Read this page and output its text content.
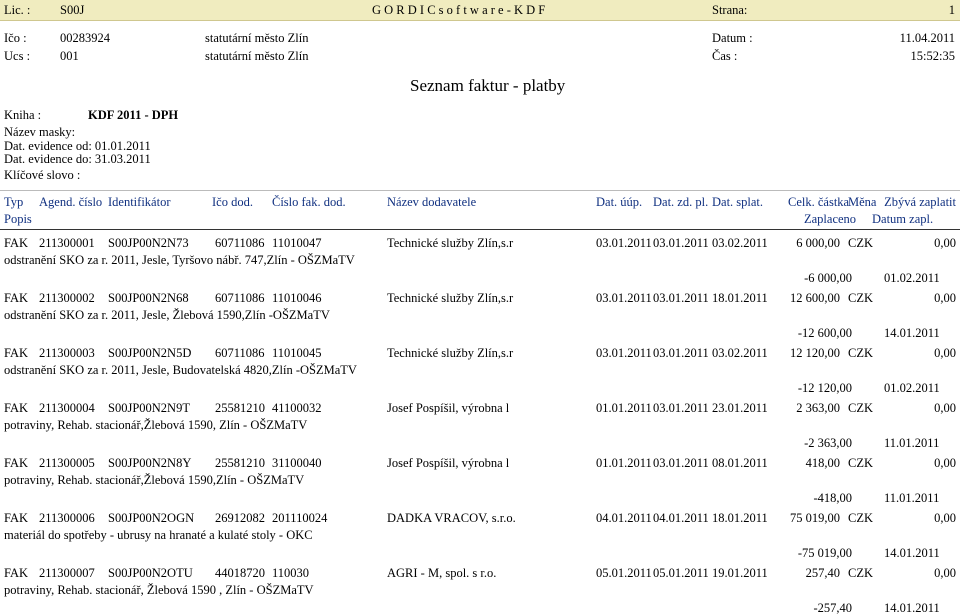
Lic. : S00J	G O R D I C s o f t w a r e - K D F	Strana:	1
Ičo :	00283924	statutární město Zlín	Datum :	11.04.2011
Ucs : 001	statutární město Zlín	Čas :	15:52:35
Seznam faktur - platby
Kniha :	KDF 2011 - DPH
Název masky:
Dat. evidence od: 01.01.2011
Dat. evidence do: 31.03.2011
Klíčové slovo :
Typ Agend. číslo Identifikátor	Ičo dod. Číslo fak. dod.	Název dodavatele	Dat. úúp. Dat. zd. pl. Dat. splat. Celk. částka
Měna Zbývá zaplatit
Popis	Zaplaceno Datum zapl.
FAK 211300001 S00JP00N2N73 60711086 11010047	Technické služby Zlín,s.r	03.01.2011 03.01.2011 03.02.2011	6 000,00 CZK	0,00
odstranění SKO za r. 2011, Jesle, Tyršovo nábř. 747,Zlín - OŠZMaTV
-6 000,00	01.02.2011
FAK 211300002 S00JP00N2N68 60711086 11010046	Technické služby Zlín,s.r	03.01.2011 03.01.2011 18.01.2011	12 600,00 CZK	0,00
odstranění SKO za r. 2011, Jesle, Žlebová 1590,Zlín -OŠZMaTV
-12 600,00	14.01.2011
FAK 211300003 S00JP00N2N5D 60711086 11010045	Technické služby Zlín,s.r	03.01.2011 03.01.2011 03.02.2011	12 120,00 CZK	0,00
odstranění SKO za r. 2011, Jesle, Budovatelská 4820,Zlín -OŠZMaTV
-12 120,00	01.02.2011
FAK 211300004 S00JP00N2N9T 25581210 41100032	Josef Pospíšil, výrobna l	01.01.2011 03.01.2011 23.01.2011	2 363,00 CZK	0,00
potraviny, Rehab. stacionář,Žlebová 1590, Zlín - OŠZMaTV
-2 363,00	11.01.2011
FAK 211300005 S00JP00N2N8Y 25581210 31100040	Josef Pospíšil, výrobna l	01.01.2011 03.01.2011 08.01.2011	418,00 CZK	0,00
potraviny, Rehab. stacionář,Žlebová 1590,Zlín - OŠZMaTV
-418,00	11.01.2011
FAK 211300006 S00JP00N2OGN 26912082 201110024	DADKA VRACOV, s.r.o.	04.01.2011 04.01.2011 18.01.2011	75 019,00 CZK	0,00
materiál do spotřeby - ubrusy na hranaté a kulaté stoly - OKC
-75 019,00	14.01.2011
FAK 211300007 S00JP00N2OTU 44018720 110030	AGRI - M, spol. s r.o.	05.01.2011 05.01.2011 19.01.2011	257,40 CZK	0,00
potraviny, Rehab. stacionář, Žlebová 1590 , Zlín - OŠZMaTV
-257,40	14.01.2011
